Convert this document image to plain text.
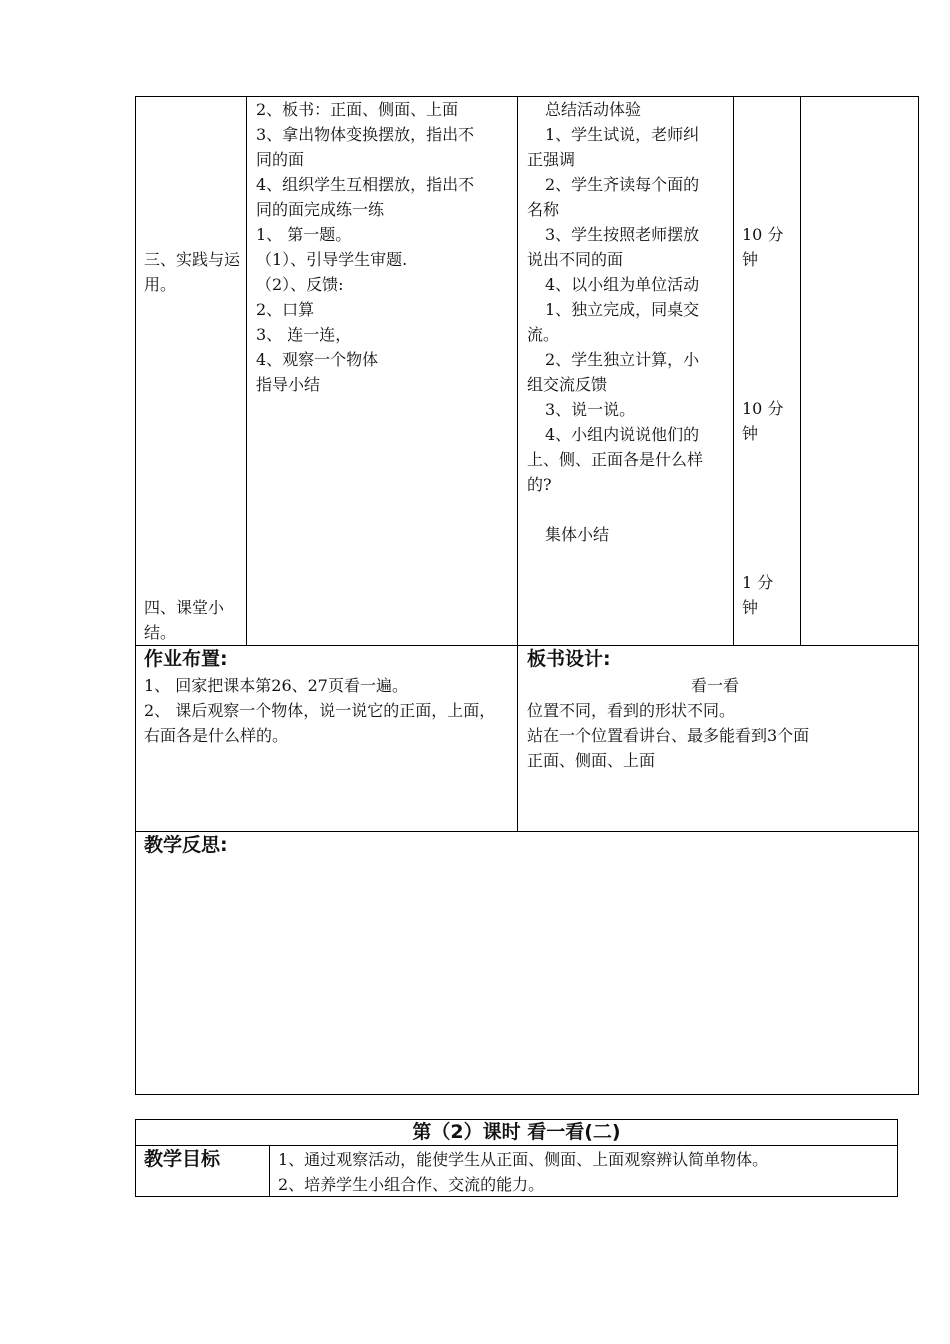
三、实践与运用。
四、课堂小结。
2、板书：正面、侧面、上面
3、拿出物体变换摆放，指出不
同的面
4、组织学生互相摆放，指出不
同的面完成练一练
1、 第一题。
（1）、引导学生审题.
（2）、反馈:
2、口算
3、 连一连，
4、观察一个物体
指导小结
总结活动体验
1、学生试说，老师纠
正强调
2、学生齐读每个面的
名称
3、学生按照老师摆放
说出不同的面
4、以小组为单位活动
1、独立完成，同桌交
流。
2、学生独立计算，小
组交流反馈
3、说一说。
4、小组内说说他们的
上、侧、正面各是什么样
的?
集体小结
10 分
钟
10 分
钟
1 分
钟
作业布置:
1、 回家把课本第26、27页看一遍。
2、 课后观察一个物体，说一说它的正面，上面，右面各是什么样的。
板书设计:
看一看
位置不同，看到的形状不同。
站在一个位置看讲台、最多能看到3个面
正面、侧面、上面
教学反思:
第（2）课时 看一看(二)
教学目标	1、通过观察活动，能使学生从正面、侧面、上面观察辨认简单物体。
2、培养学生小组合作、交流的能力。
